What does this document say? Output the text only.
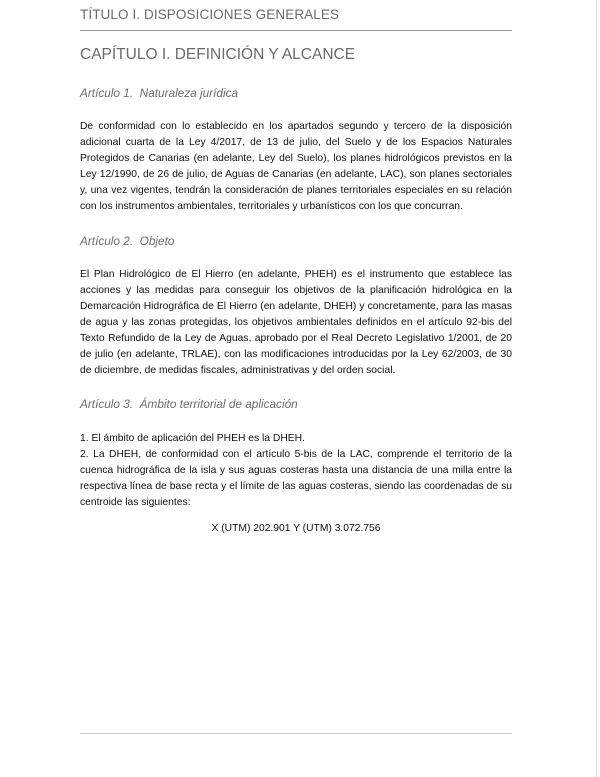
TÍTULO I. DISPOSICIONES GENERALES
CAPÍTULO I. DEFINICIÓN Y ALCANCE
Artículo 1. Naturaleza jurídica

De conformidad con lo establecido en los apartados segundo y tercero de la disposición adicional cuarta de la Ley 4/2017, de 13 de julio, del Suelo y de los Espacios Naturales Protegidos de Canarias (en adelante, Ley del Suelo), los planes hidrológicos previstos en la Ley 12/1990, de 26 de julio, de Aguas de Canarias (en adelante, LAC), son planes sectoriales y, una vez vigentes, tendrán la consideración de planes territoriales especiales en su relación con los instrumentos ambientales, territoriales y urbanísticos con los que concurran.

Artículo 2. Objeto

El Plan Hidrológico de El Hierro (en adelante, PHEH) es el instrumento que establece las acciones y las medidas para conseguir los objetivos de la planificación hidrológica en la Demarcación Hidrográfica de El Hierro (en adelante, DHEH) y concretamente, para las masas de agua y las zonas protegidas, los objetivos ambientales definidos en el artículo 92-bis del Texto Refundido de la Ley de Aguas, aprobado por el Real Decreto Legislativo 1/2001, de 20 de julio (en adelante, TRLAE), con las modificaciones introducidas por la Ley 62/2003, de 30 de diciembre, de medidas fiscales, administrativas y del orden social.

Artículo 3. Ámbito territorial de aplicación

1. El ámbito de aplicación del PHEH es la DHEH.

2. La DHEH, de conformidad con el artículo 5-bis de la LAC, comprende el territorio de la cuenca hidrográfica de la isla y sus aguas costeras hasta una distancia de una milla entre la respectiva línea de base recta y el límite de las aguas costeras, siendo las coordenadas de su centroide las siguientes:

X (UTM) 202.901 Y (UTM) 3.072.756
